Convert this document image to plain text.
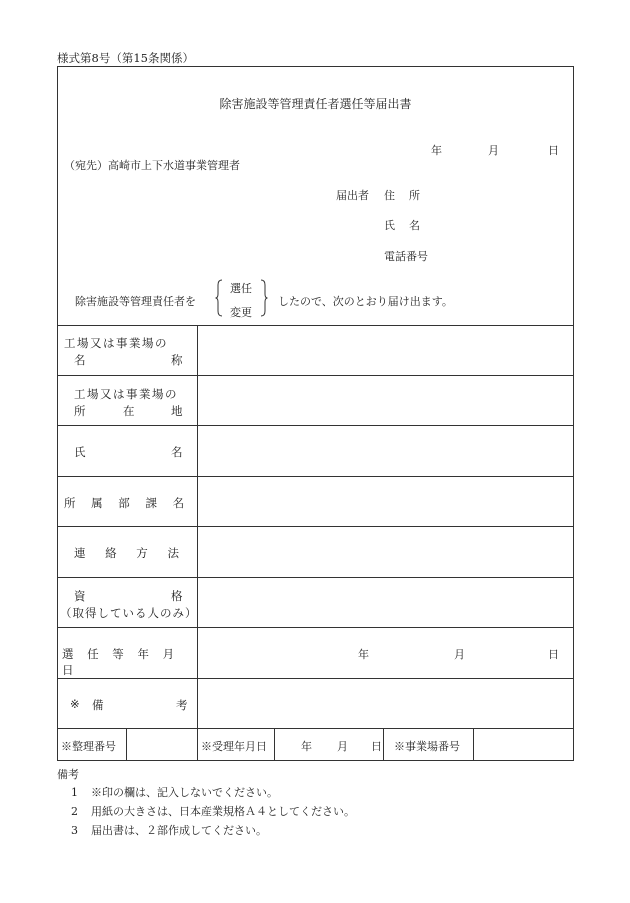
様式第8号（第15条関係）
除害施設等管理責任者選任等届出書
年	月	日
（宛先）高崎市上下水道事業管理者
届出者 住所
氏名
電話番号
除害施設等管理責任者を
選任
変更
したので、次のとおり届け出ます。
工場又は事業場の
名	称
工場又は事業場の
所	在	地
氏	名
所 属 部 課 名
連 絡 方 法
資	格
（取得している人のみ）
選 任 等 年 月 日
年	月	日
※ 備	考
※整理番号	※受理年月日	年 月 日 ※事業場番号
備考
1 ※印の欄は、記入しないでください。
2 用紙の大きさは、日本産業規格Ａ４としてください。
3 届出書は、２部作成してください。
